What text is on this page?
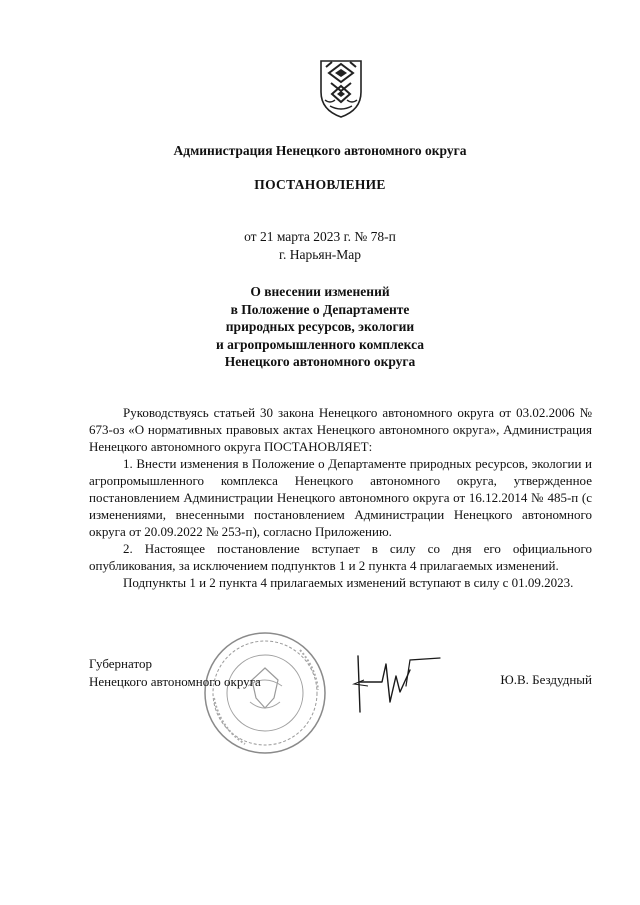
Администрация Ненецкого автономного округа
ПОСТАНОВЛЕНИЕ
от 21 марта 2023 г. № 78-п
г. Нарьян-Мар
О внесении изменений
в Положение о Департаменте
природных ресурсов, экологии
и агропромышленного комплекса
Ненецкого автономного округа

Руководствуясь статьей 30 закона Ненецкого автономного округа от 03.02.2006 № 673-оз «О нормативных правовых актах Ненецкого автономного округа», Администрация Ненецкого автономного округа ПОСТАНОВЛЯЕТ:

1. Внести изменения в Положение о Департаменте природных ресурсов, экологии и агропромышленного комплекса Ненецкого автономного округа, утвержденное постановлением Администрации Ненецкого автономного округа от 16.12.2014 № 485-п (с изменениями, внесенными постановлением Администрации Ненецкого автономного округа от 20.09.2022 № 253-п), согласно Приложению.

2. Настоящее постановление вступает в силу со дня его официального опубликования, за исключением подпунктов 1 и 2 пункта 4 прилагаемых изменений.

Подпункты 1 и 2 пункта 4 прилагаемых изменений вступают в силу с 01.09.2023.

Губернатор
Ненецкого автономного округа	Ю.В. Бездудный
